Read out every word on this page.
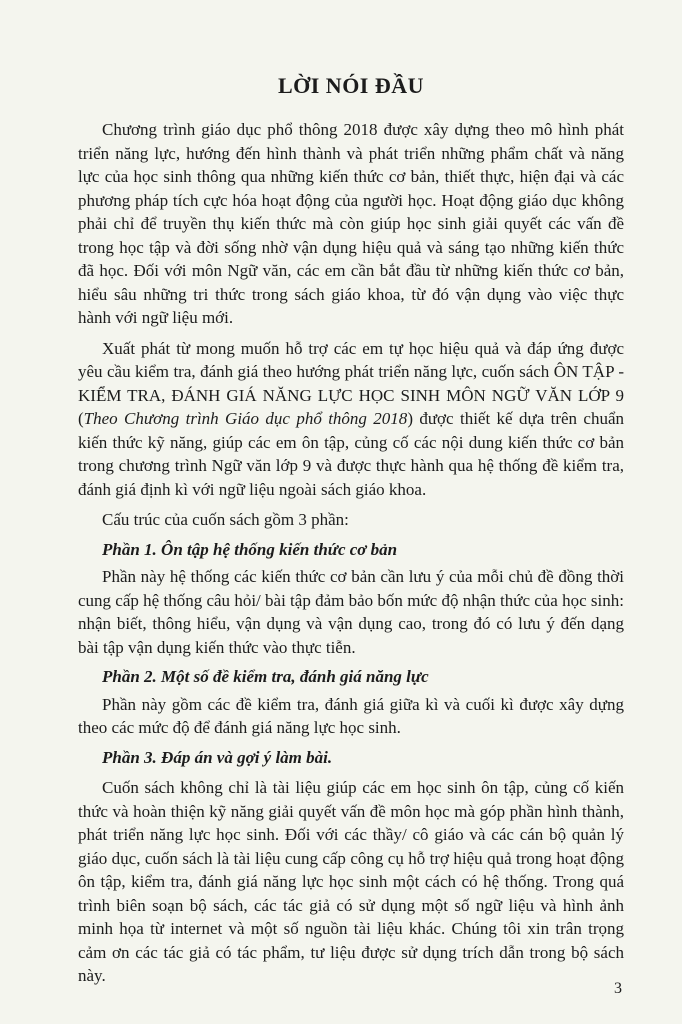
LỜI NÓI ĐẦU

Chương trình giáo dục phổ thông 2018 được xây dựng theo mô hình phát triển năng lực, hướng đến hình thành và phát triển những phẩm chất và năng lực của học sinh thông qua những kiến thức cơ bản, thiết thực, hiện đại và các phương pháp tích cực hóa hoạt động của người học. Hoạt động giáo dục không phải chỉ để truyền thụ kiến thức mà còn giúp học sinh giải quyết các vấn đề trong học tập và đời sống nhờ vận dụng hiệu quả và sáng tạo những kiến thức đã học. Đối với môn Ngữ văn, các em cần bắt đầu từ những kiến thức cơ bản, hiểu sâu những tri thức trong sách giáo khoa, từ đó vận dụng vào việc thực hành với ngữ liệu mới.

Xuất phát từ mong muốn hỗ trợ các em tự học hiệu quả và đáp ứng được yêu cầu kiểm tra, đánh giá theo hướng phát triển năng lực, cuốn sách ÔN TẬP - KIỂM TRA, ĐÁNH GIÁ NĂNG LỰC HỌC SINH MÔN NGỮ VĂN LỚP 9 (Theo Chương trình Giáo dục phổ thông 2018) được thiết kế dựa trên chuẩn kiến thức kỹ năng, giúp các em ôn tập, củng cố các nội dung kiến thức cơ bản trong chương trình Ngữ văn lớp 9 và được thực hành qua hệ thống đề kiểm tra, đánh giá định kì với ngữ liệu ngoài sách giáo khoa.

Cấu trúc của cuốn sách gồm 3 phần:

Phần 1. Ôn tập hệ thống kiến thức cơ bản

Phần này hệ thống các kiến thức cơ bản cần lưu ý của mỗi chủ đề đồng thời cung cấp hệ thống câu hỏi/ bài tập đảm bảo bốn mức độ nhận thức của học sinh: nhận biết, thông hiểu, vận dụng và vận dụng cao, trong đó có lưu ý đến dạng bài tập vận dụng kiến thức vào thực tiễn.

Phần 2. Một số đề kiểm tra, đánh giá năng lực

Phần này gồm các đề kiểm tra, đánh giá giữa kì và cuối kì được xây dựng theo các mức độ để đánh giá năng lực học sinh.

Phần 3. Đáp án và gợi ý làm bài.

Cuốn sách không chỉ là tài liệu giúp các em học sinh ôn tập, củng cố kiến thức và hoàn thiện kỹ năng giải quyết vấn đề môn học mà góp phần hình thành, phát triển năng lực học sinh. Đối với các thầy/ cô giáo và các cán bộ quản lý giáo dục, cuốn sách là tài liệu cung cấp công cụ hỗ trợ hiệu quả trong hoạt động ôn tập, kiểm tra, đánh giá năng lực học sinh một cách có hệ thống. Trong quá trình biên soạn bộ sách, các tác giả có sử dụng một số ngữ liệu và hình ảnh minh họa từ internet và một số nguồn tài liệu khác. Chúng tôi xin trân trọng cảm ơn các tác giả có tác phẩm, tư liệu được sử dụng trích dẫn trong bộ sách này.

3
